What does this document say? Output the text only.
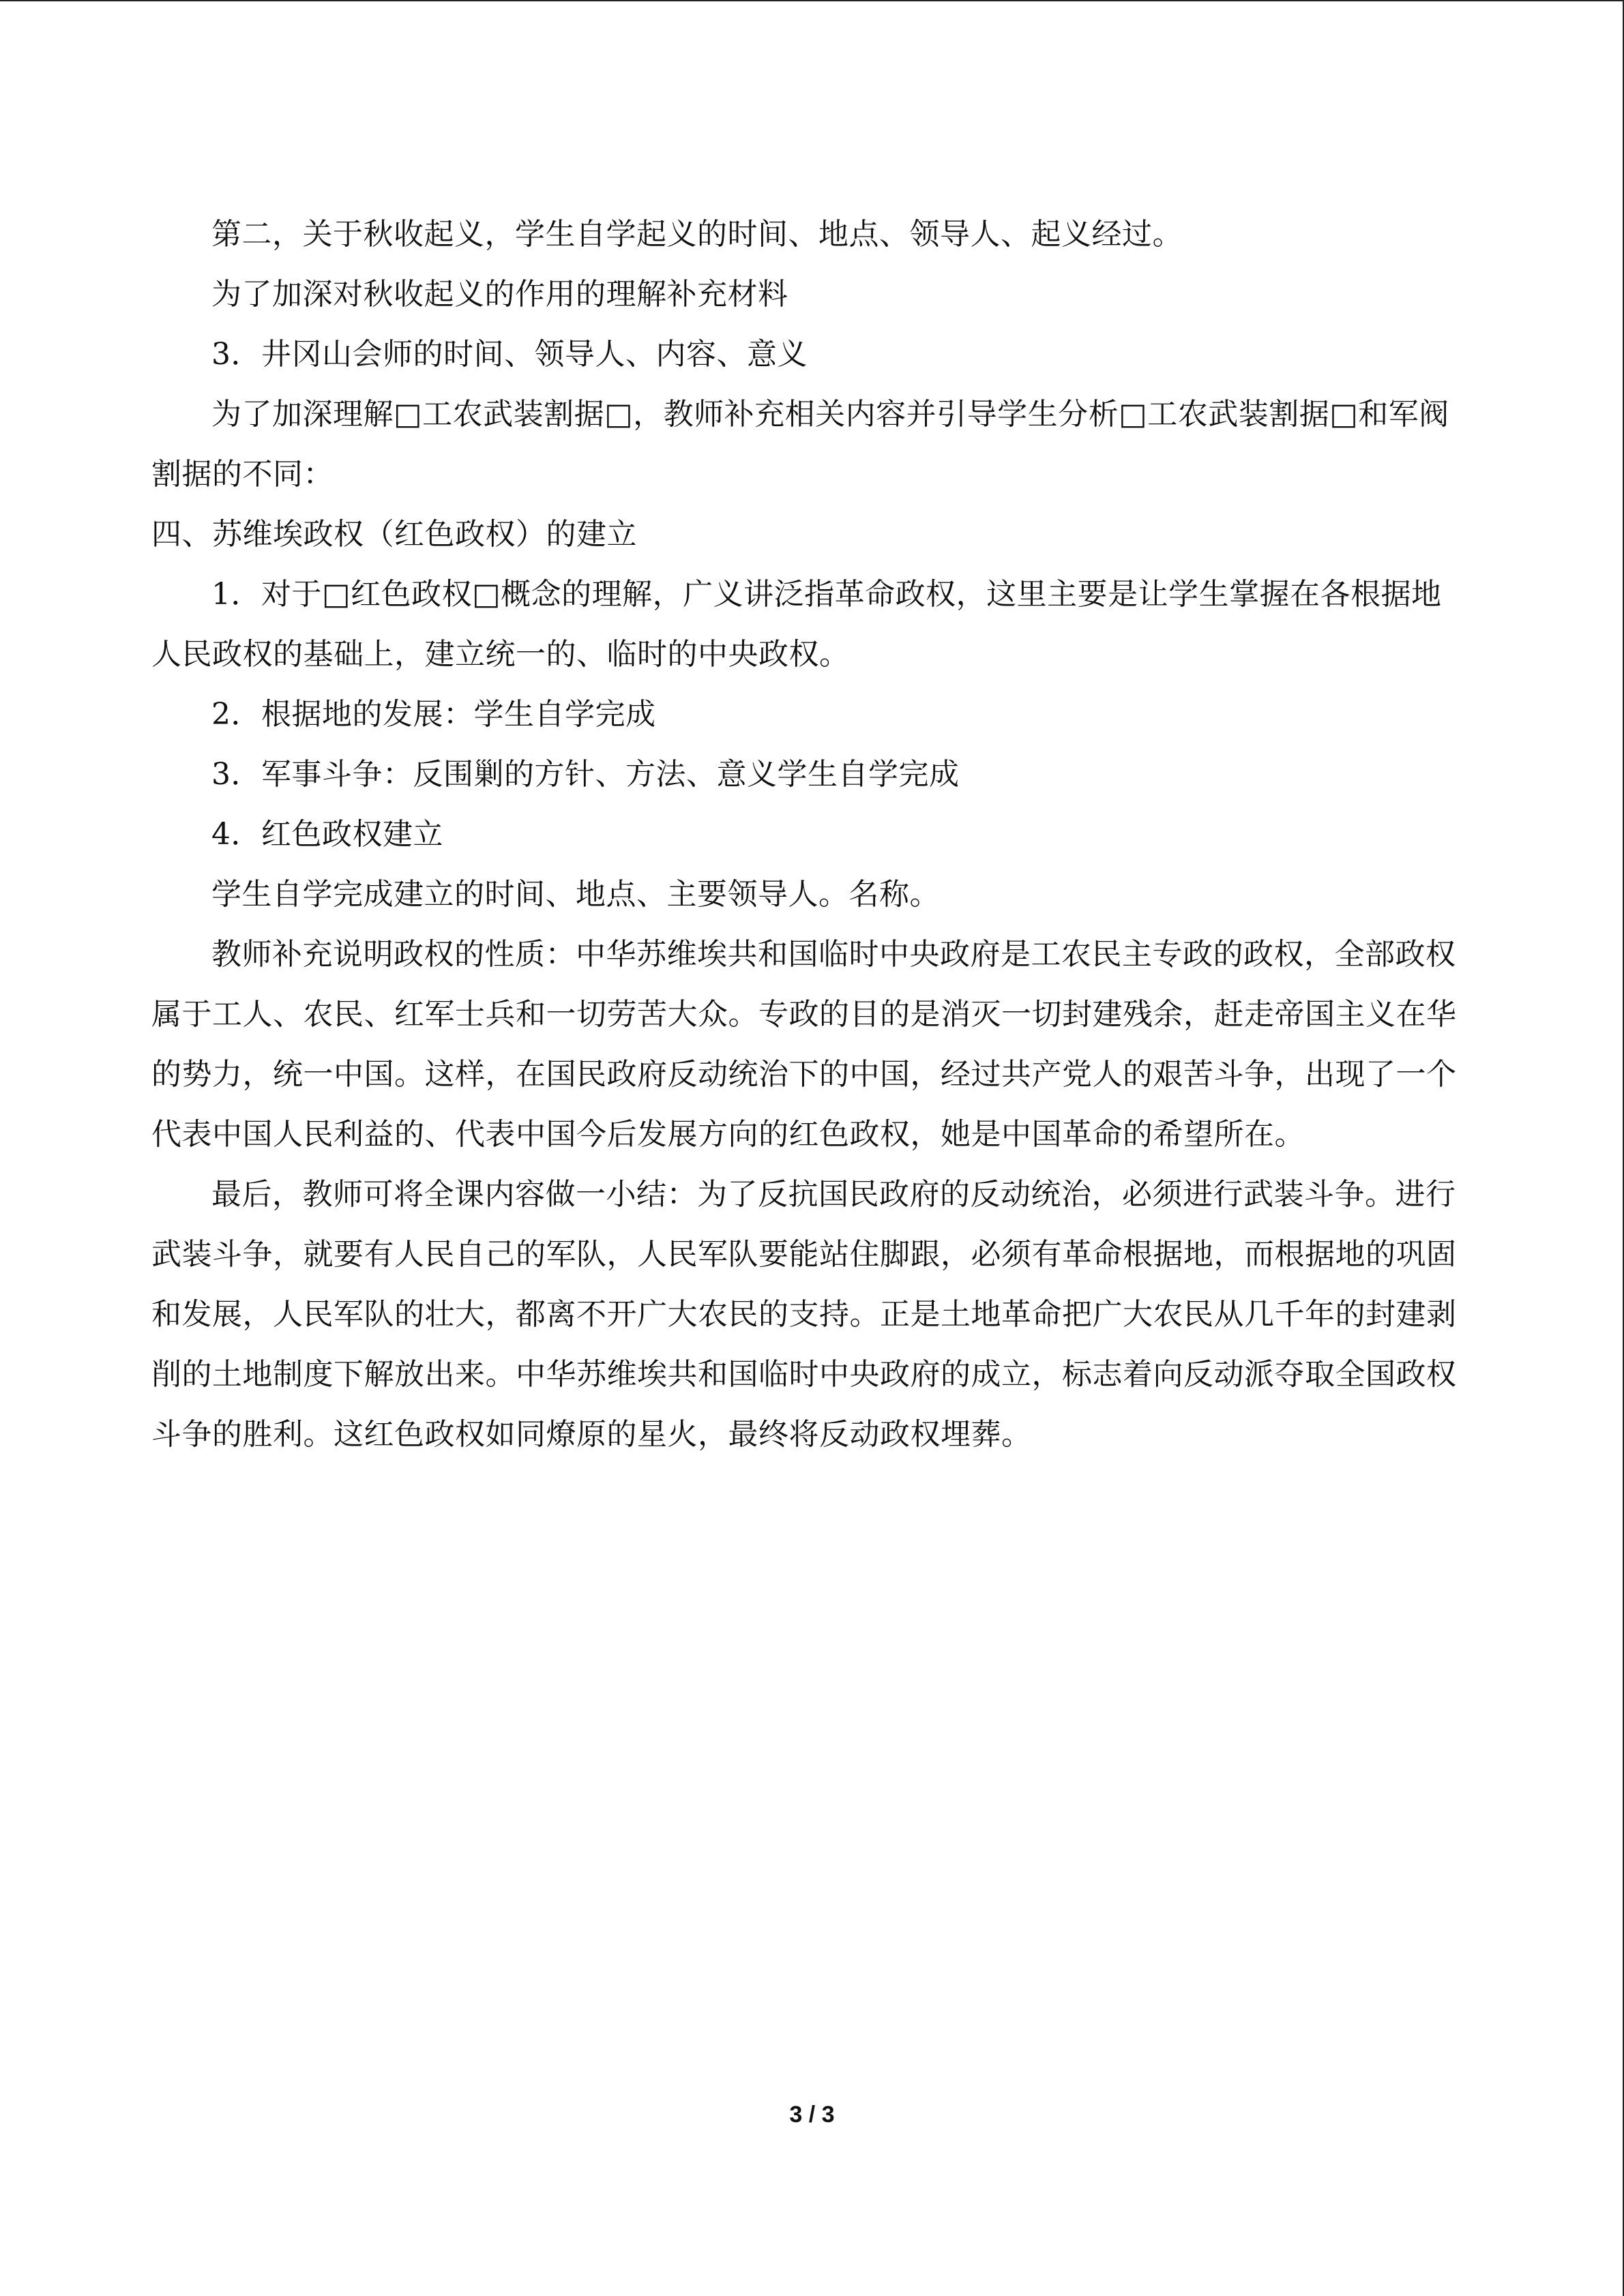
第二，关于秋收起义，学生自学起义的时间、地点、领导人、起义经过。

为了加深对秋收起义的作用的理解补充材料

3．井冈山会师的时间、领导人、内容、意义

为了加深理解□工农武装割据□，教师补充相关内容并引导学生分析□工农武装割据□和军阀割据的不同：

四、苏维埃政权（红色政权）的建立

1．对于□红色政权□概念的理解，广义讲泛指革命政权，这里主要是让学生掌握在各根据地人民政权的基础上，建立统一的、临时的中央政权。

2．根据地的发展：学生自学完成

3．军事斗争：反围剿的方针、方法、意义学生自学完成

4．红色政权建立

学生自学完成建立的时间、地点、主要领导人。名称。

教师补充说明政权的性质：中华苏维埃共和国临时中央政府是工农民主专政的政权，全部政权属于工人、农民、红军士兵和一切劳苦大众。专政的目的是消灭一切封建残余，赶走帝国主义在华的势力，统一中国。这样，在国民政府反动统治下的中国，经过共产党人的艰苦斗争，出现了一个代表中国人民利益的、代表中国今后发展方向的红色政权，她是中国革命的希望所在。

最后，教师可将全课内容做一小结：为了反抗国民政府的反动统治，必须进行武装斗争。进行武装斗争，就要有人民自己的军队，人民军队要能站住脚跟，必须有革命根据地，而根据地的巩固和发展，人民军队的壮大，都离不开广大农民的支持。正是土地革命把广大农民从几千年的封建剥削的土地制度下解放出来。中华苏维埃共和国临时中央政府的成立，标志着向反动派夺取全国政权斗争的胜利。这红色政权如同燎原的星火，最终将反动政权埋葬。

3 / 3
